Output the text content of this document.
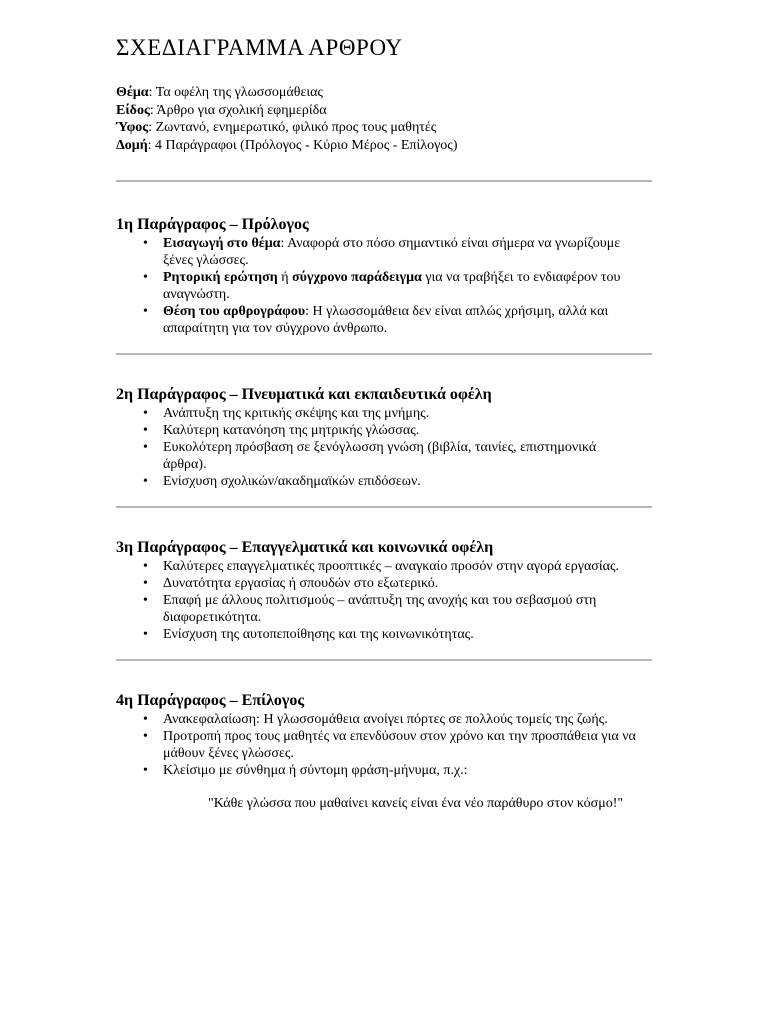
ΣΧΕΔΙΑΓΡΑΜΜΑ ΑΡΘΡΟΥ
Θέμα: Τα οφέλη της γλωσσομάθειας
Είδος: Άρθρο για σχολική εφημερίδα
Ύφος: Ζωντανό, ενημερωτικό, φιλικό προς τους μαθητές
Δομή: 4 Παράγραφοι (Πρόλογος - Κύριο Μέρος - Επίλογος)
1η Παράγραφος – Πρόλογος
• Εισαγωγή στο θέμα: Αναφορά στο πόσο σημαντικό είναι σήμερα να γνωρίζουμε ξένες γλώσσες.
• Ρητορική ερώτηση ή σύγχρονο παράδειγμα για να τραβήξει το ενδιαφέρον του αναγνώστη.
• Θέση του αρθρογράφου: Η γλωσσομάθεια δεν είναι απλώς χρήσιμη, αλλά και απαραίτητη για τον σύγχρονο άνθρωπο.
2η Παράγραφος – Πνευματικά και εκπαιδευτικά οφέλη
• Ανάπτυξη της κριτικής σκέψης και της μνήμης.
• Καλύτερη κατανόηση της μητρικής γλώσσας.
• Ευκολότερη πρόσβαση σε ξενόγλωσση γνώση (βιβλία, ταινίες, επιστημονικά άρθρα).
• Ενίσχυση σχολικών/ακαδημαϊκών επιδόσεων.
3η Παράγραφος – Επαγγελματικά και κοινωνικά οφέλη
• Καλύτερες επαγγελματικές προοπτικές – αναγκαίο προσόν στην αγορά εργασίας.
• Δυνατότητα εργασίας ή σπουδών στο εξωτερικό.
• Επαφή με άλλους πολιτισμούς – ανάπτυξη της ανοχής και του σεβασμού στη διαφορετικότητα.
• Ενίσχυση της αυτοπεποίθησης και της κοινωνικότητας.
4η Παράγραφος – Επίλογος
• Ανακεφαλαίωση: Η γλωσσομάθεια ανοίγει πόρτες σε πολλούς τομείς της ζωής.
• Προτροπή προς τους μαθητές να επενδύσουν στον χρόνο και την προσπάθεια για να μάθουν ξένες γλώσσες.
• Κλείσιμο με σύνθημα ή σύντομη φράση-μήνυμα, π.χ.:
"Κάθε γλώσσα που μαθαίνει κανείς είναι ένα νέο παράθυρο στον κόσμο!"
